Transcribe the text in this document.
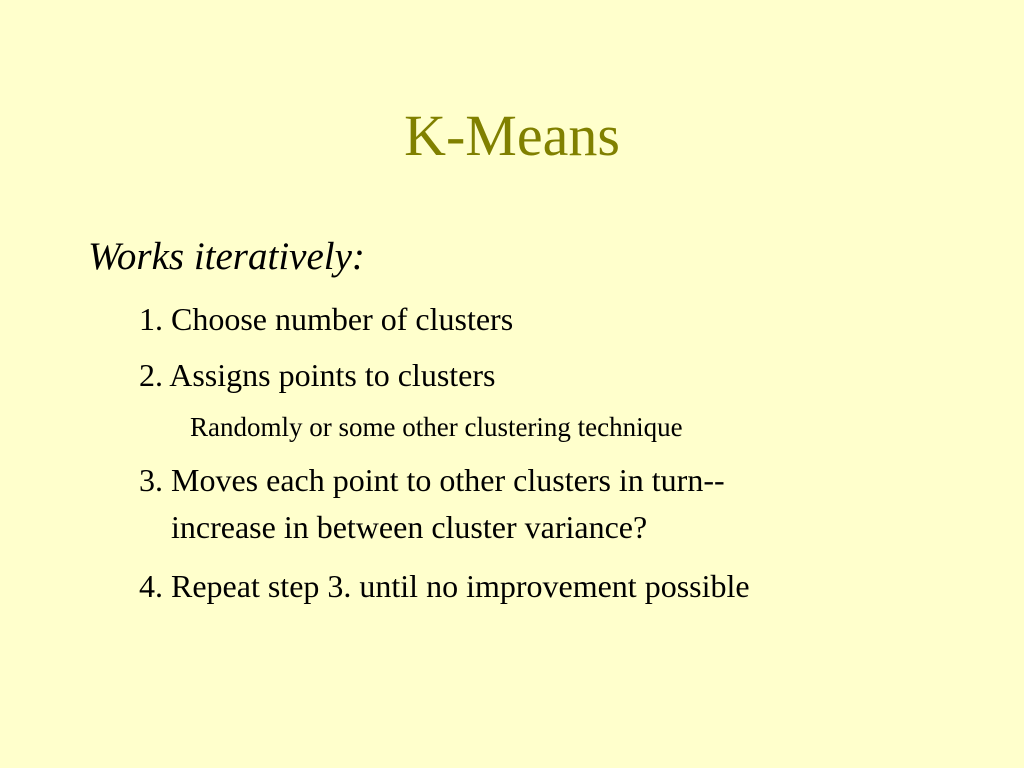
K-Means

Works iteratively:

1. Choose number of clusters

2. Assigns points to clusters

Randomly or some other clustering technique

3. Moves each point to other clusters in turn--

increase in between cluster variance?

4. Repeat step 3. until no improvement possible
